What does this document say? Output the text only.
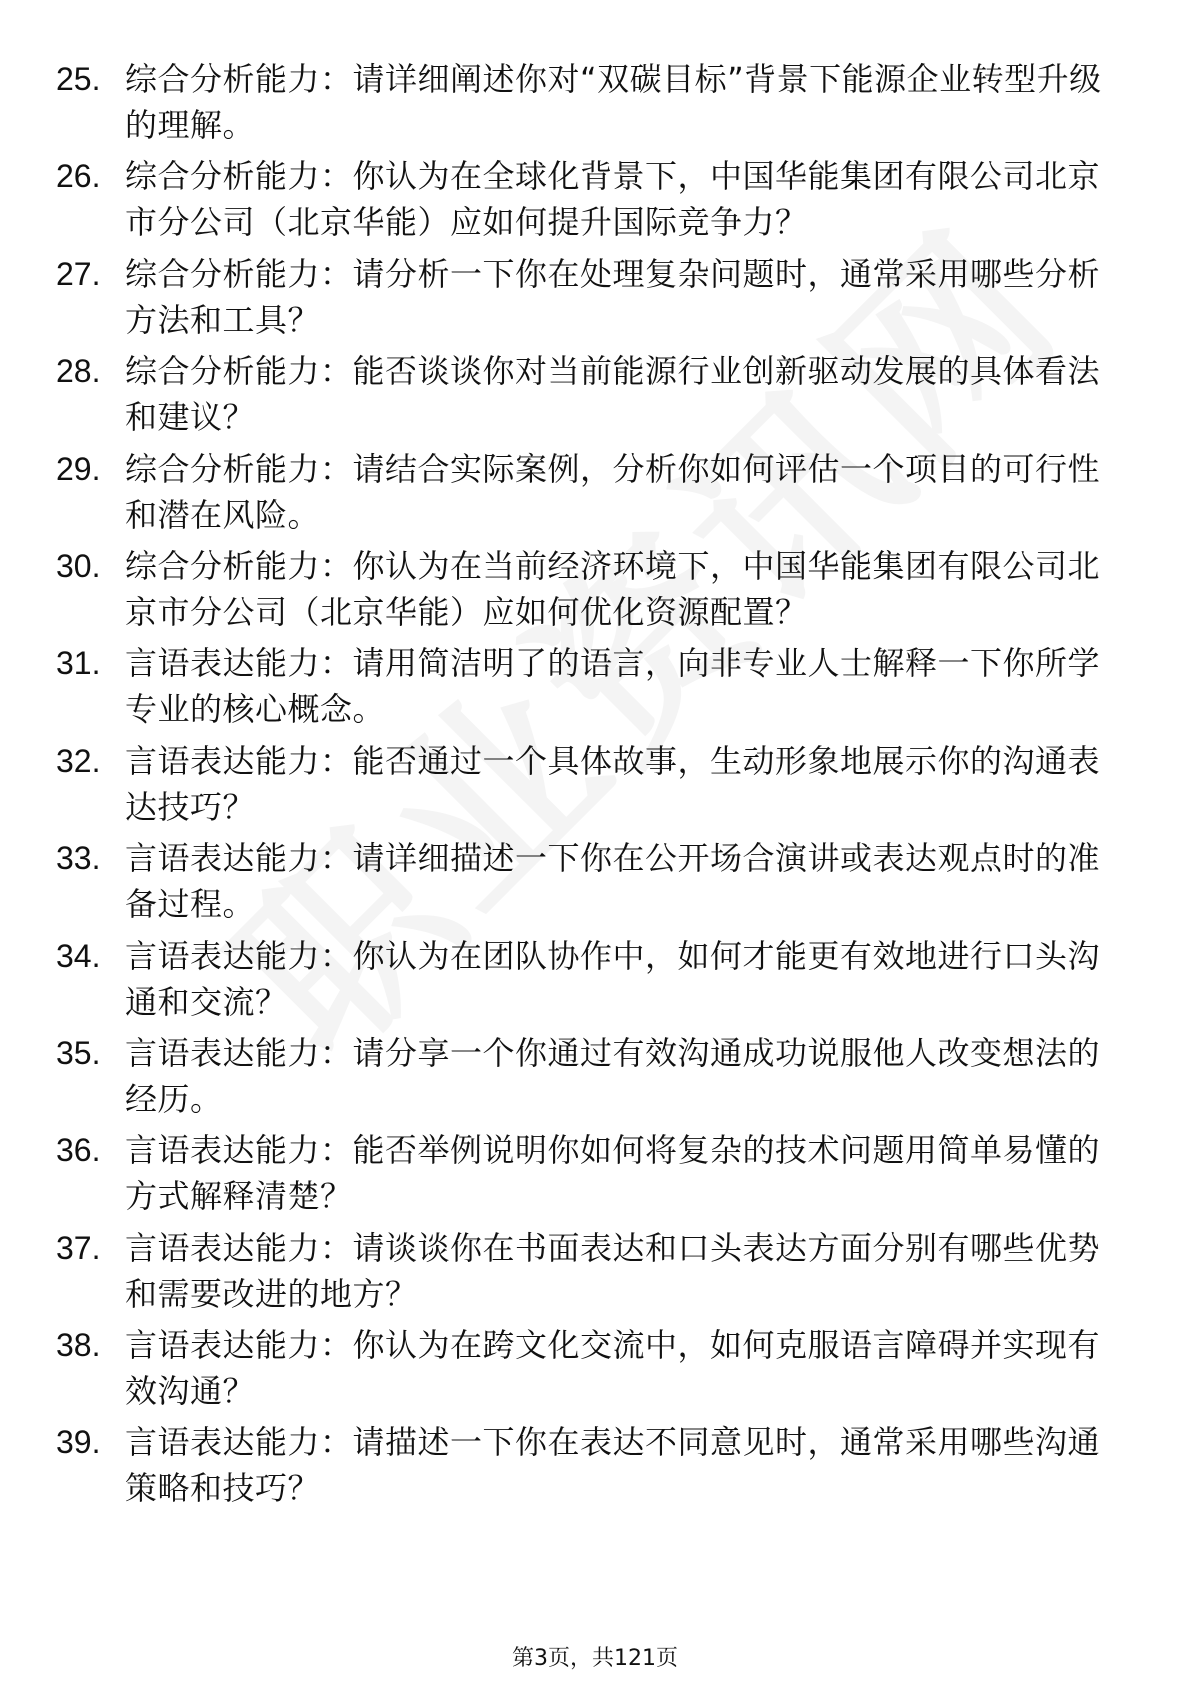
25. 综合分析能力：请详细阐述你对“双碳目标”背景下能源企业转型升级的理解。
26. 综合分析能力：你认为在全球化背景下，中国华能集团有限公司北京市分公司（北京华能）应如何提升国际竞争力？
27. 综合分析能力：请分析一下你在处理复杂问题时，通常采用哪些分析方法和工具？
28. 综合分析能力：能否谈谈你对当前能源行业创新驱动发展的具体看法和建议？
29. 综合分析能力：请结合实际案例，分析你如何评估一个项目的可行性和潜在风险。
30. 综合分析能力：你认为在当前经济环境下，中国华能集团有限公司北京市分公司（北京华能）应如何优化资源配置？
31. 言语表达能力：请用简洁明了的语言，向非专业人士解释一下你所学专业的核心概念。
32. 言语表达能力：能否通过一个具体故事，生动形象地展示你的沟通表达技巧？
33. 言语表达能力：请详细描述一下你在公开场合演讲或表达观点时的准备过程。
34. 言语表达能力：你认为在团队协作中，如何才能更有效地进行口头沟通和交流？
35. 言语表达能力：请分享一个你通过有效沟通成功说服他人改变想法的经历。
36. 言语表达能力：能否举例说明你如何将复杂的技术问题用简单易懂的方式解释清楚？
37. 言语表达能力：请谈谈你在书面表达和口头表达方面分别有哪些优势和需要改进的地方？
38. 言语表达能力：你认为在跨文化交流中，如何克服语言障碍并实现有效沟通？
39. 言语表达能力：请描述一下你在表达不同意见时，通常采用哪些沟通策略和技巧？
第3页，共121页
